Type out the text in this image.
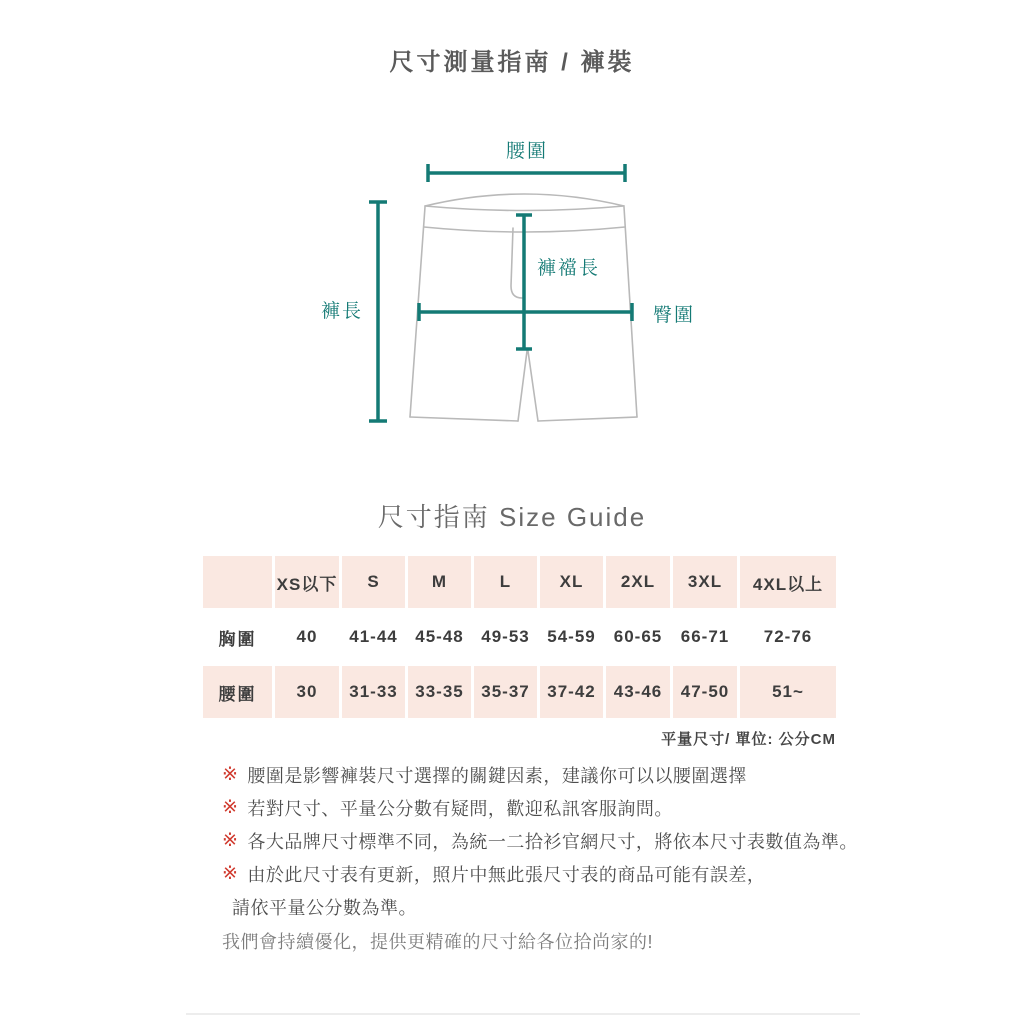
尺寸測量指南 / 褲裝
腰圍
褲長
褲襠長
臀圍
尺寸指南 Size Guide
	XS以下	S	M	L	XL	2XL	3XL	4XL以上
胸圍	40	41-44	45-48	49-53	54-59	60-65	66-71	72-76
腰圍	30	31-33	33-35	35-37	37-42	43-46	47-50	51~
平量尺寸/ 單位: 公分CM
※ 腰圍是影響褲裝尺寸選擇的關鍵因素，建議你可以以腰圍選擇
※ 若對尺寸、平量公分數有疑問，歡迎私訊客服詢問。
※ 各大品牌尺寸標準不同，為統一二拾衫官網尺寸，將依本尺寸表數值為準。
※ 由於此尺寸表有更新，照片中無此張尺寸表的商品可能有誤差，
請依平量公分數為準。
我們會持續優化，提供更精確的尺寸給各位拾尚家的!
